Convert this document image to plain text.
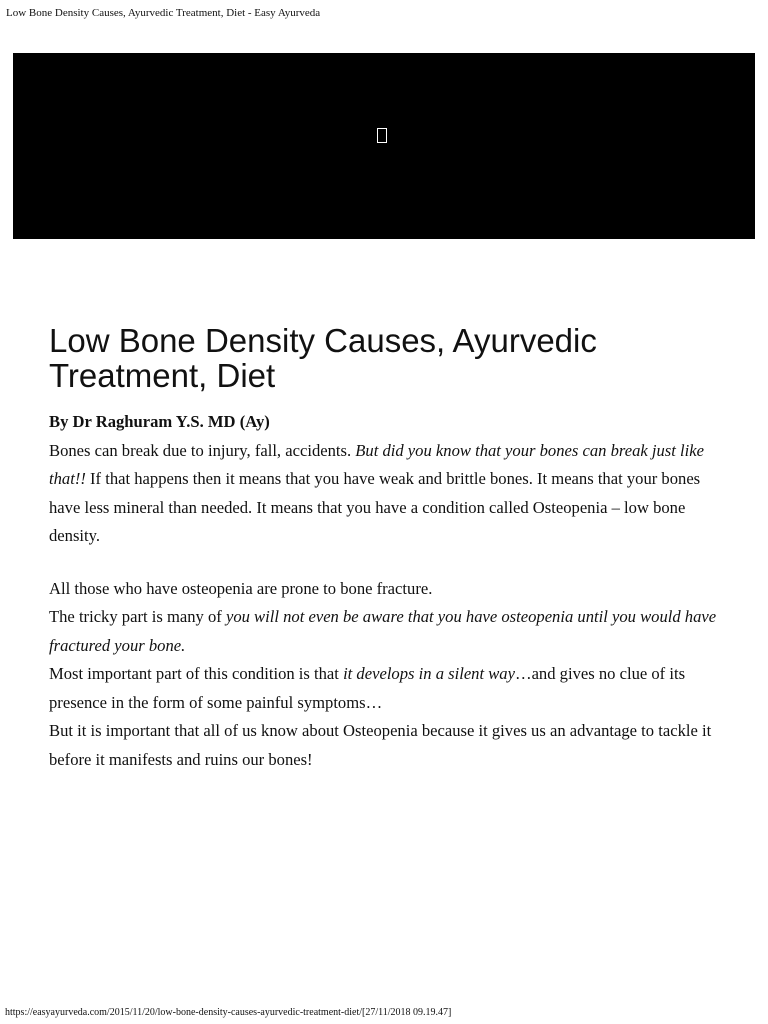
Low Bone Density Causes, Ayurvedic Treatment, Diet - Easy Ayurveda
Low Bone Density Causes, Ayurvedic Treatment, Diet

By Dr Raghuram Y.S. MD (Ay)

Bones can break due to injury, fall, accidents. But did you know that your bones can break just like that!! If that happens then it means that you have weak and brittle bones. It means that your bones have less mineral than needed. It means that you have a condition called Osteopenia – low bone density.

All those who have osteopenia are prone to bone fracture.

The tricky part is many of you will not even be aware that you have osteopenia until you would have fractured your bone.

Most important part of this condition is that it develops in a silent way…and gives no clue of its presence in the form of some painful symptoms…

But it is important that all of us know about Osteopenia because it gives us an advantage to tackle it before it manifests and ruins our bones!

https://easyayurveda.com/2015/11/20/low-bone-density-causes-ayurvedic-treatment-diet/[27/11/2018 09.19.47]
